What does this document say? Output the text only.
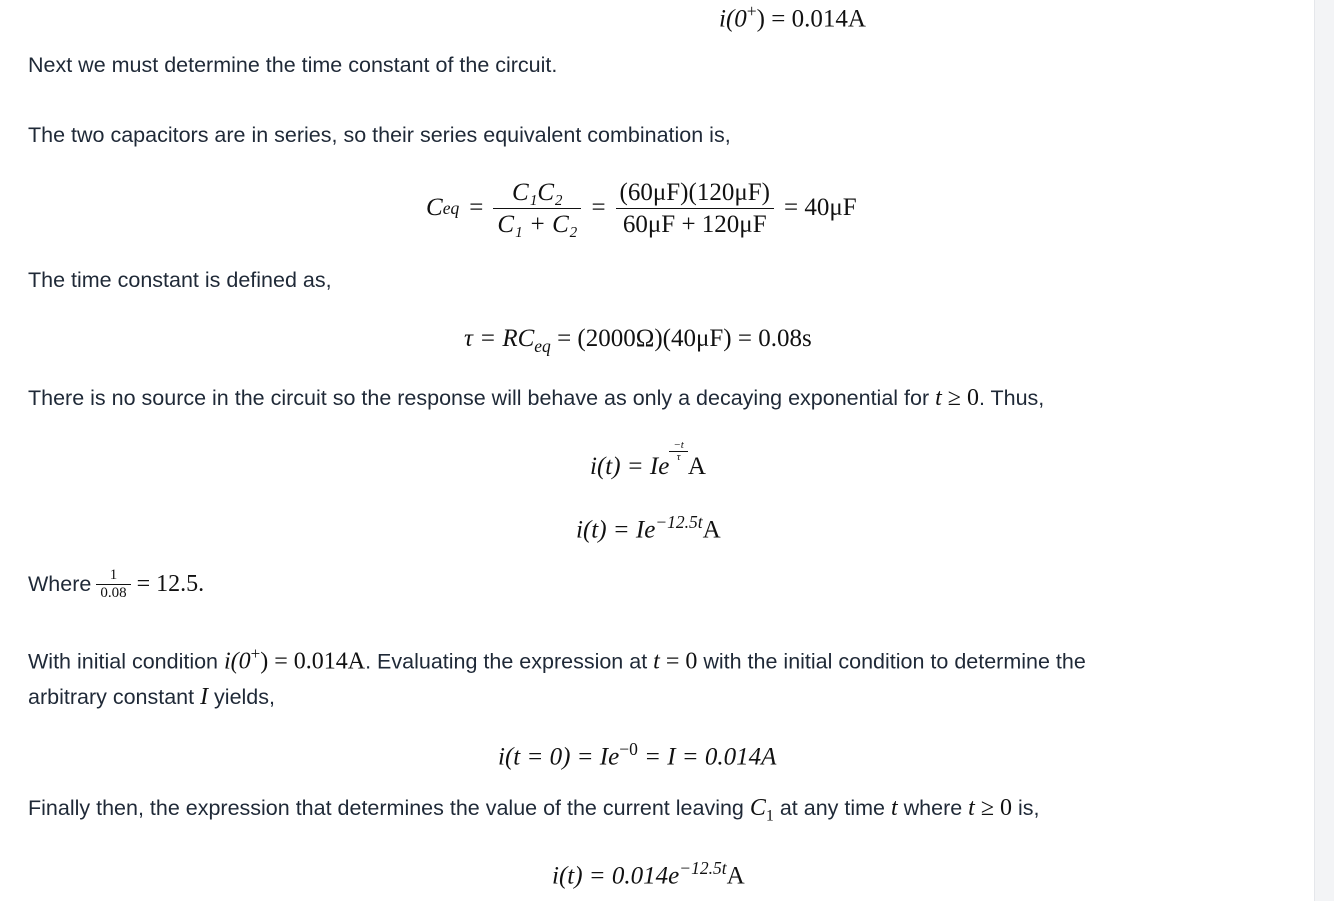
i(0+) = 0.014A
Next we must determine the time constant of the circuit.
The two capacitors are in series, so their series equivalent combination is,
C eq = $\frac{\text{C₁C₂}}{\text{C₁ + C₂}} = \frac{(60\mu F)(120\mu F)}{60\mu F + 120\mu F} = 40\mu F$
The time constant is defined as,
$\tau = RC_{eq} = (2000\Omega)(40\mu F) = 0.08s$
There is no source in the circuit so the response will behave as only a decaying exponential for t ≥ 0. Thus,
i(t) = Ie
$\frac{-t}{\tau}$
A
$i(t) = Ie^{-12.5t}A$
Where $\frac{1}{0.08} = 12.5$.
With initial condition i(0+) = 0.014A. Evaluating the expression at t = 0 with the initial condition to determine the
arbitrary constant I yields,
$i(t = 0) = Ie^{-0} = I = 0.014A$
Finally then, the expression that determines the value of the current leaving $C_1$ at any time t where t ≥ 0 is,
$i(t) = 0.014e^{-12.5t}A$
